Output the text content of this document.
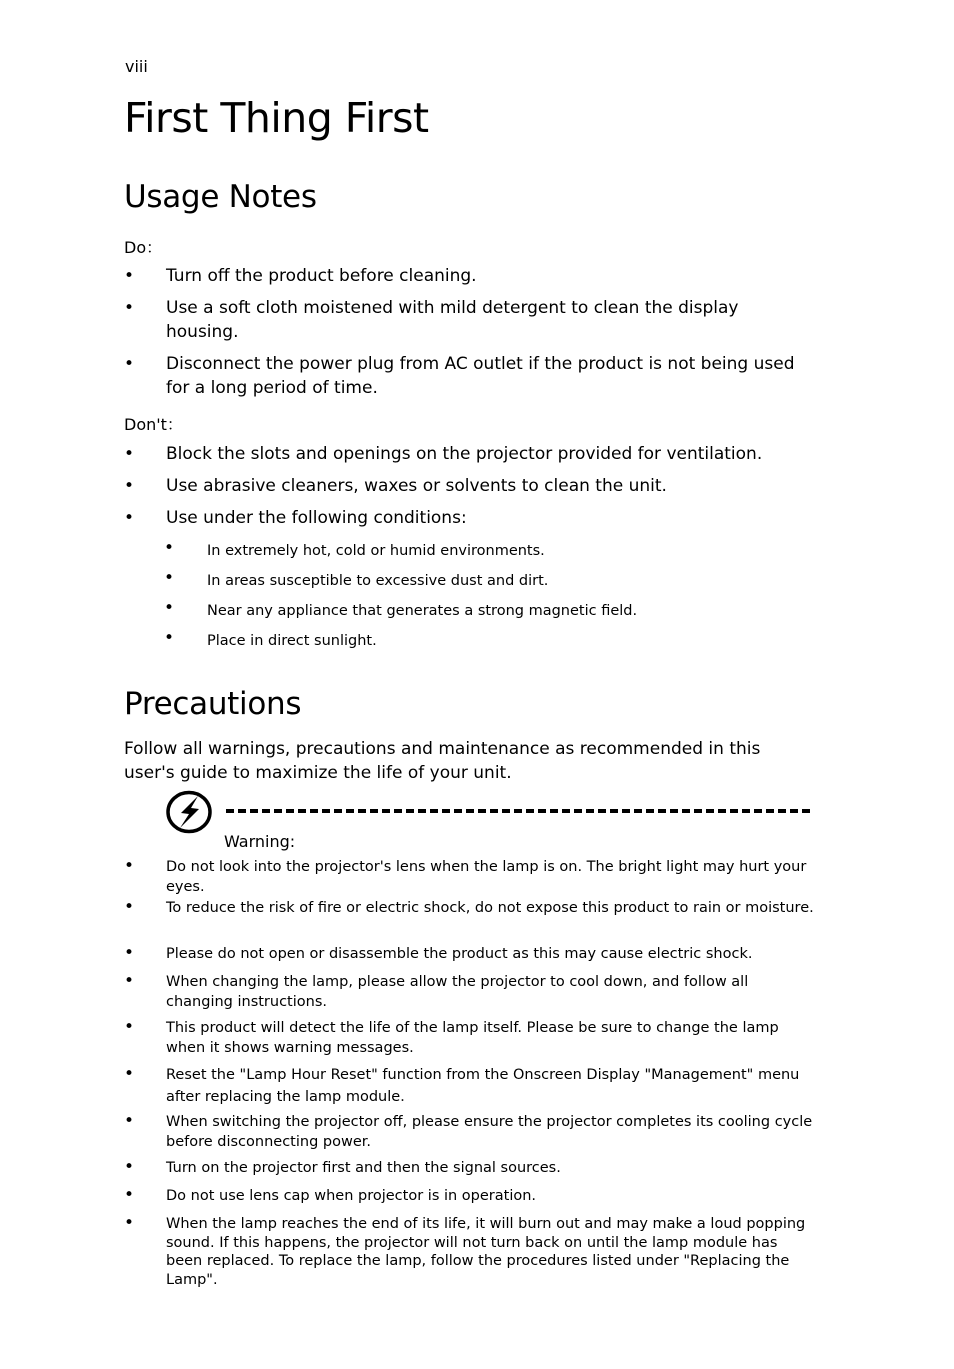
viii
First Thing First
Usage Notes
Do：
• Turn off the product before cleaning.
• Use a soft cloth moistened with mild detergent to clean the display housing.
• Disconnect the power plug from AC outlet if the product is not being used for a long period of time.
Don't：
• Block the slots and openings on the projector provided for ventilation.
• Use abrasive cleaners, waxes or solvents to clean the unit.
• Use under the following conditions:
• In extremely hot, cold or humid environments.
• In areas susceptible to excessive dust and dirt.
• Near any appliance that generates a strong magnetic field.
• Place in direct sunlight.
Precautions
Follow all warnings, precautions and maintenance as recommended in this user's guide to maximize the life of your unit.
Warning:
• Do not look into the projector's lens when the lamp is on. The bright light may hurt your eyes.
• To reduce the risk of fire or electric shock, do not expose this product to rain or moisture.
• Please do not open or disassemble the product as this may cause electric shock.
• When changing the lamp, please allow the projector to cool down, and follow all changing instructions.
• This product will detect the life of the lamp itself. Please be sure to change the lamp when it shows warning messages.
• Reset the "Lamp Hour Reset" function from the Onscreen Display "Management" menu after replacing the lamp module．
• When switching the projector off, please ensure the projector completes its cooling cycle before disconnecting power.
• Turn on the projector first and then the signal sources.
• Do not use lens cap when projector is in operation.
• When the lamp reaches the end of its life, it will burn out and may make a loud popping sound. If this happens, the projector will not turn back on until the lamp module has been replaced. To replace the lamp, follow the procedures listed under "Replacing the Lamp".
